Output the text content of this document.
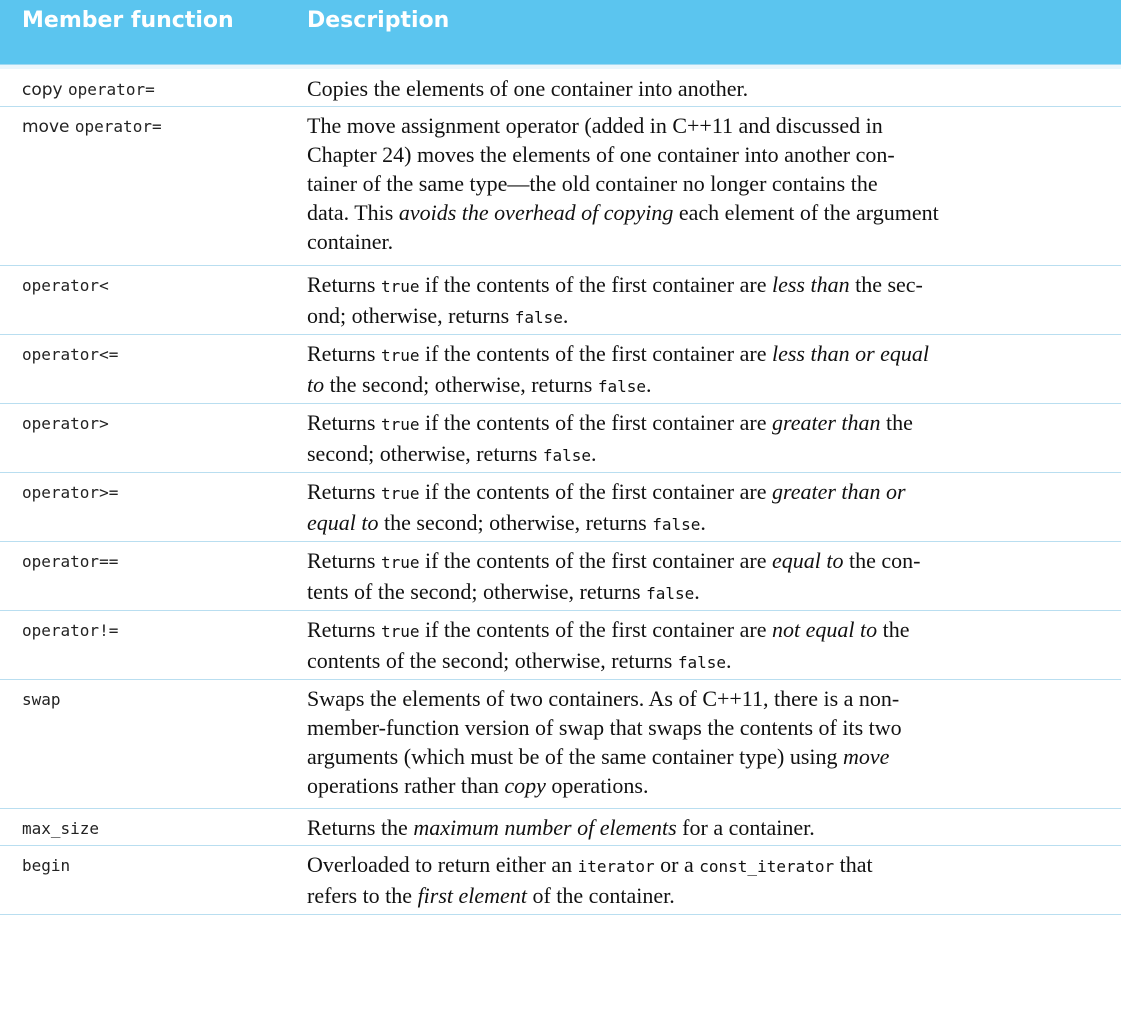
Member function	Description
copy operator=	Copies the elements of one container into another.
move operator=	The move assignment operator (added in C++11 and discussed in
Chapter 24) moves the elements of one container into another con-
tainer of the same type—the old container no longer contains the
data. This avoids the overhead of copying each element of the argument
container.
operator<	Returns true if the contents of the first container are less than the sec-
ond; otherwise, returns false.
operator<=	Returns true if the contents of the first container are less than or equal
to the second; otherwise, returns false.
operator>	Returns true if the contents of the first container are greater than the
second; otherwise, returns false.
operator>=	Returns true if the contents of the first container are greater than or
equal to the second; otherwise, returns false.
operator==	Returns true if the contents of the first container are equal to the con-
tents of the second; otherwise, returns false.
operator!=	Returns true if the contents of the first container are not equal to the
contents of the second; otherwise, returns false.
swap	Swaps the elements of two containers. As of C++11, there is a non-
member-function version of swap that swaps the contents of its two
arguments (which must be of the same container type) using move
operations rather than copy operations.
max_size	Returns the maximum number of elements for a container.
begin	Overloaded to return either an iterator or a const_iterator that
refers to the first element of the container.
